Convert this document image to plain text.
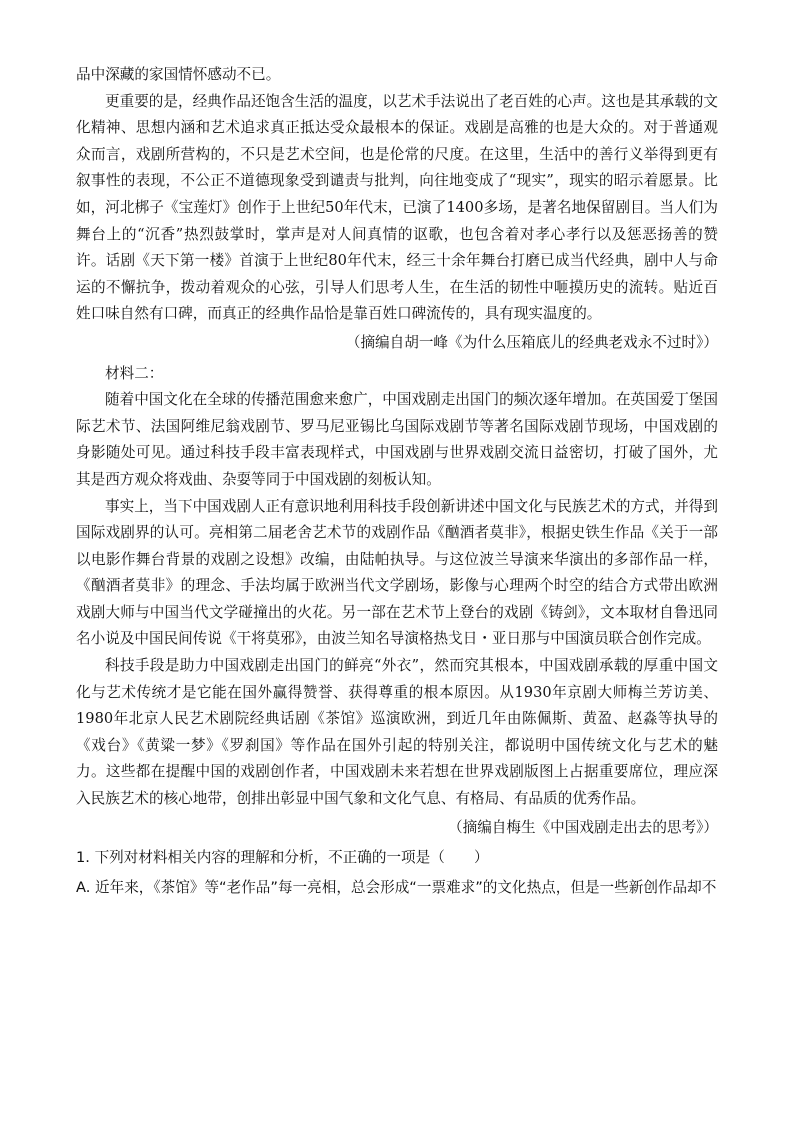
品中深藏的家国情怀感动不已。

更重要的是，经典作品还饱含生活的温度，以艺术手法说出了老百姓的心声。这也是其承载的文化精神、思想内涵和艺术追求真正抵达受众最根本的保证。戏剧是高雅的也是大众的。对于普通观众而言，戏剧所营构的，不只是艺术空间，也是伦常的尺度。在这里，生活中的善行义举得到更有叙事性的表现，不公正不道德现象受到谴责与批判，向往地变成了“现实”，现实的昭示着愿景。比如，河北梆子《宝莲灯》创作于上世纪50年代末，已演了1400多场，是著名地保留剧目。当人们为舞台上的“沉香”热烈鼓掌时，掌声是对人间真情的讴歌，也包含着对孝心孝行以及惩恶扬善的赞许。话剧《天下第一楼》首演于上世纪80年代末，经三十余年舞台打磨已成当代经典，剧中人与命运的不懈抗争，拨动着观众的心弦，引导人们思考人生，在生活的韧性中咂摸历史的流转。贴近百姓口味自然有口碑，而真正的经典作品恰是靠百姓口碑流传的，具有现实温度的。

（摘编自胡一峰《为什么压箱底儿的经典老戏永不过时》）

材料二：

随着中国文化在全球的传播范围愈来愈广，中国戏剧走出国门的频次逐年增加。在英国爱丁堡国际艺术节、法国阿维尼翁戏剧节、罗马尼亚锡比乌国际戏剧节等著名国际戏剧节现场，中国戏剧的身影随处可见。通过科技手段丰富表现样式，中国戏剧与世界戏剧交流日益密切，打破了国外，尤其是西方观众将戏曲、杂耍等同于中国戏剧的刻板认知。

事实上，当下中国戏剧人正有意识地利用科技手段创新讲述中国文化与民族艺术的方式，并得到国际戏剧界的认可。亮相第二届老舍艺术节的戏剧作品《酗酒者莫非》，根据史铁生作品《关于一部以电影作舞台背景的戏剧之设想》改编，由陆帕执导。与这位波兰导演来华演出的多部作品一样，《酗酒者莫非》的理念、手法均属于欧洲当代文学剧场，影像与心理两个时空的结合方式带出欧洲戏剧大师与中国当代文学碰撞出的火花。另一部在艺术节上登台的戏剧《铸剑》，文本取材自鲁迅同名小说及中国民间传说《干将莫邪》，由波兰知名导演格热戈日・亚日那与中国演员联合创作完成。

科技手段是助力中国戏剧走出国门的鲜亮“外衣”，然而究其根本，中国戏剧承载的厚重中国文化与艺术传统才是它能在国外赢得赞誉、获得尊重的根本原因。从1930年京剧大师梅兰芳访美、1980年北京人民艺术剧院经典话剧《茶馆》巡演欧洲，到近几年由陈佩斯、黄盈、赵淼等执导的《戏台》《黄粱一梦》《罗刹国》等作品在国外引起的特别关注，都说明中国传统文化与艺术的魅力。这些都在提醒中国的戏剧创作者，中国戏剧未来若想在世界戏剧版图上占据重要席位，理应深入民族艺术的核心地带，创排出彰显中国气象和文化气息、有格局、有品质的优秀作品。

（摘编自梅生《中国戏剧走出去的思考》）

1. 下列对材料相关内容的理解和分析，不正确的一项是（　　）

A. 近年来，《茶馆》等“老作品”每一亮相，总会形成“一票难求”的文化热点，但是一些新创作品却不
